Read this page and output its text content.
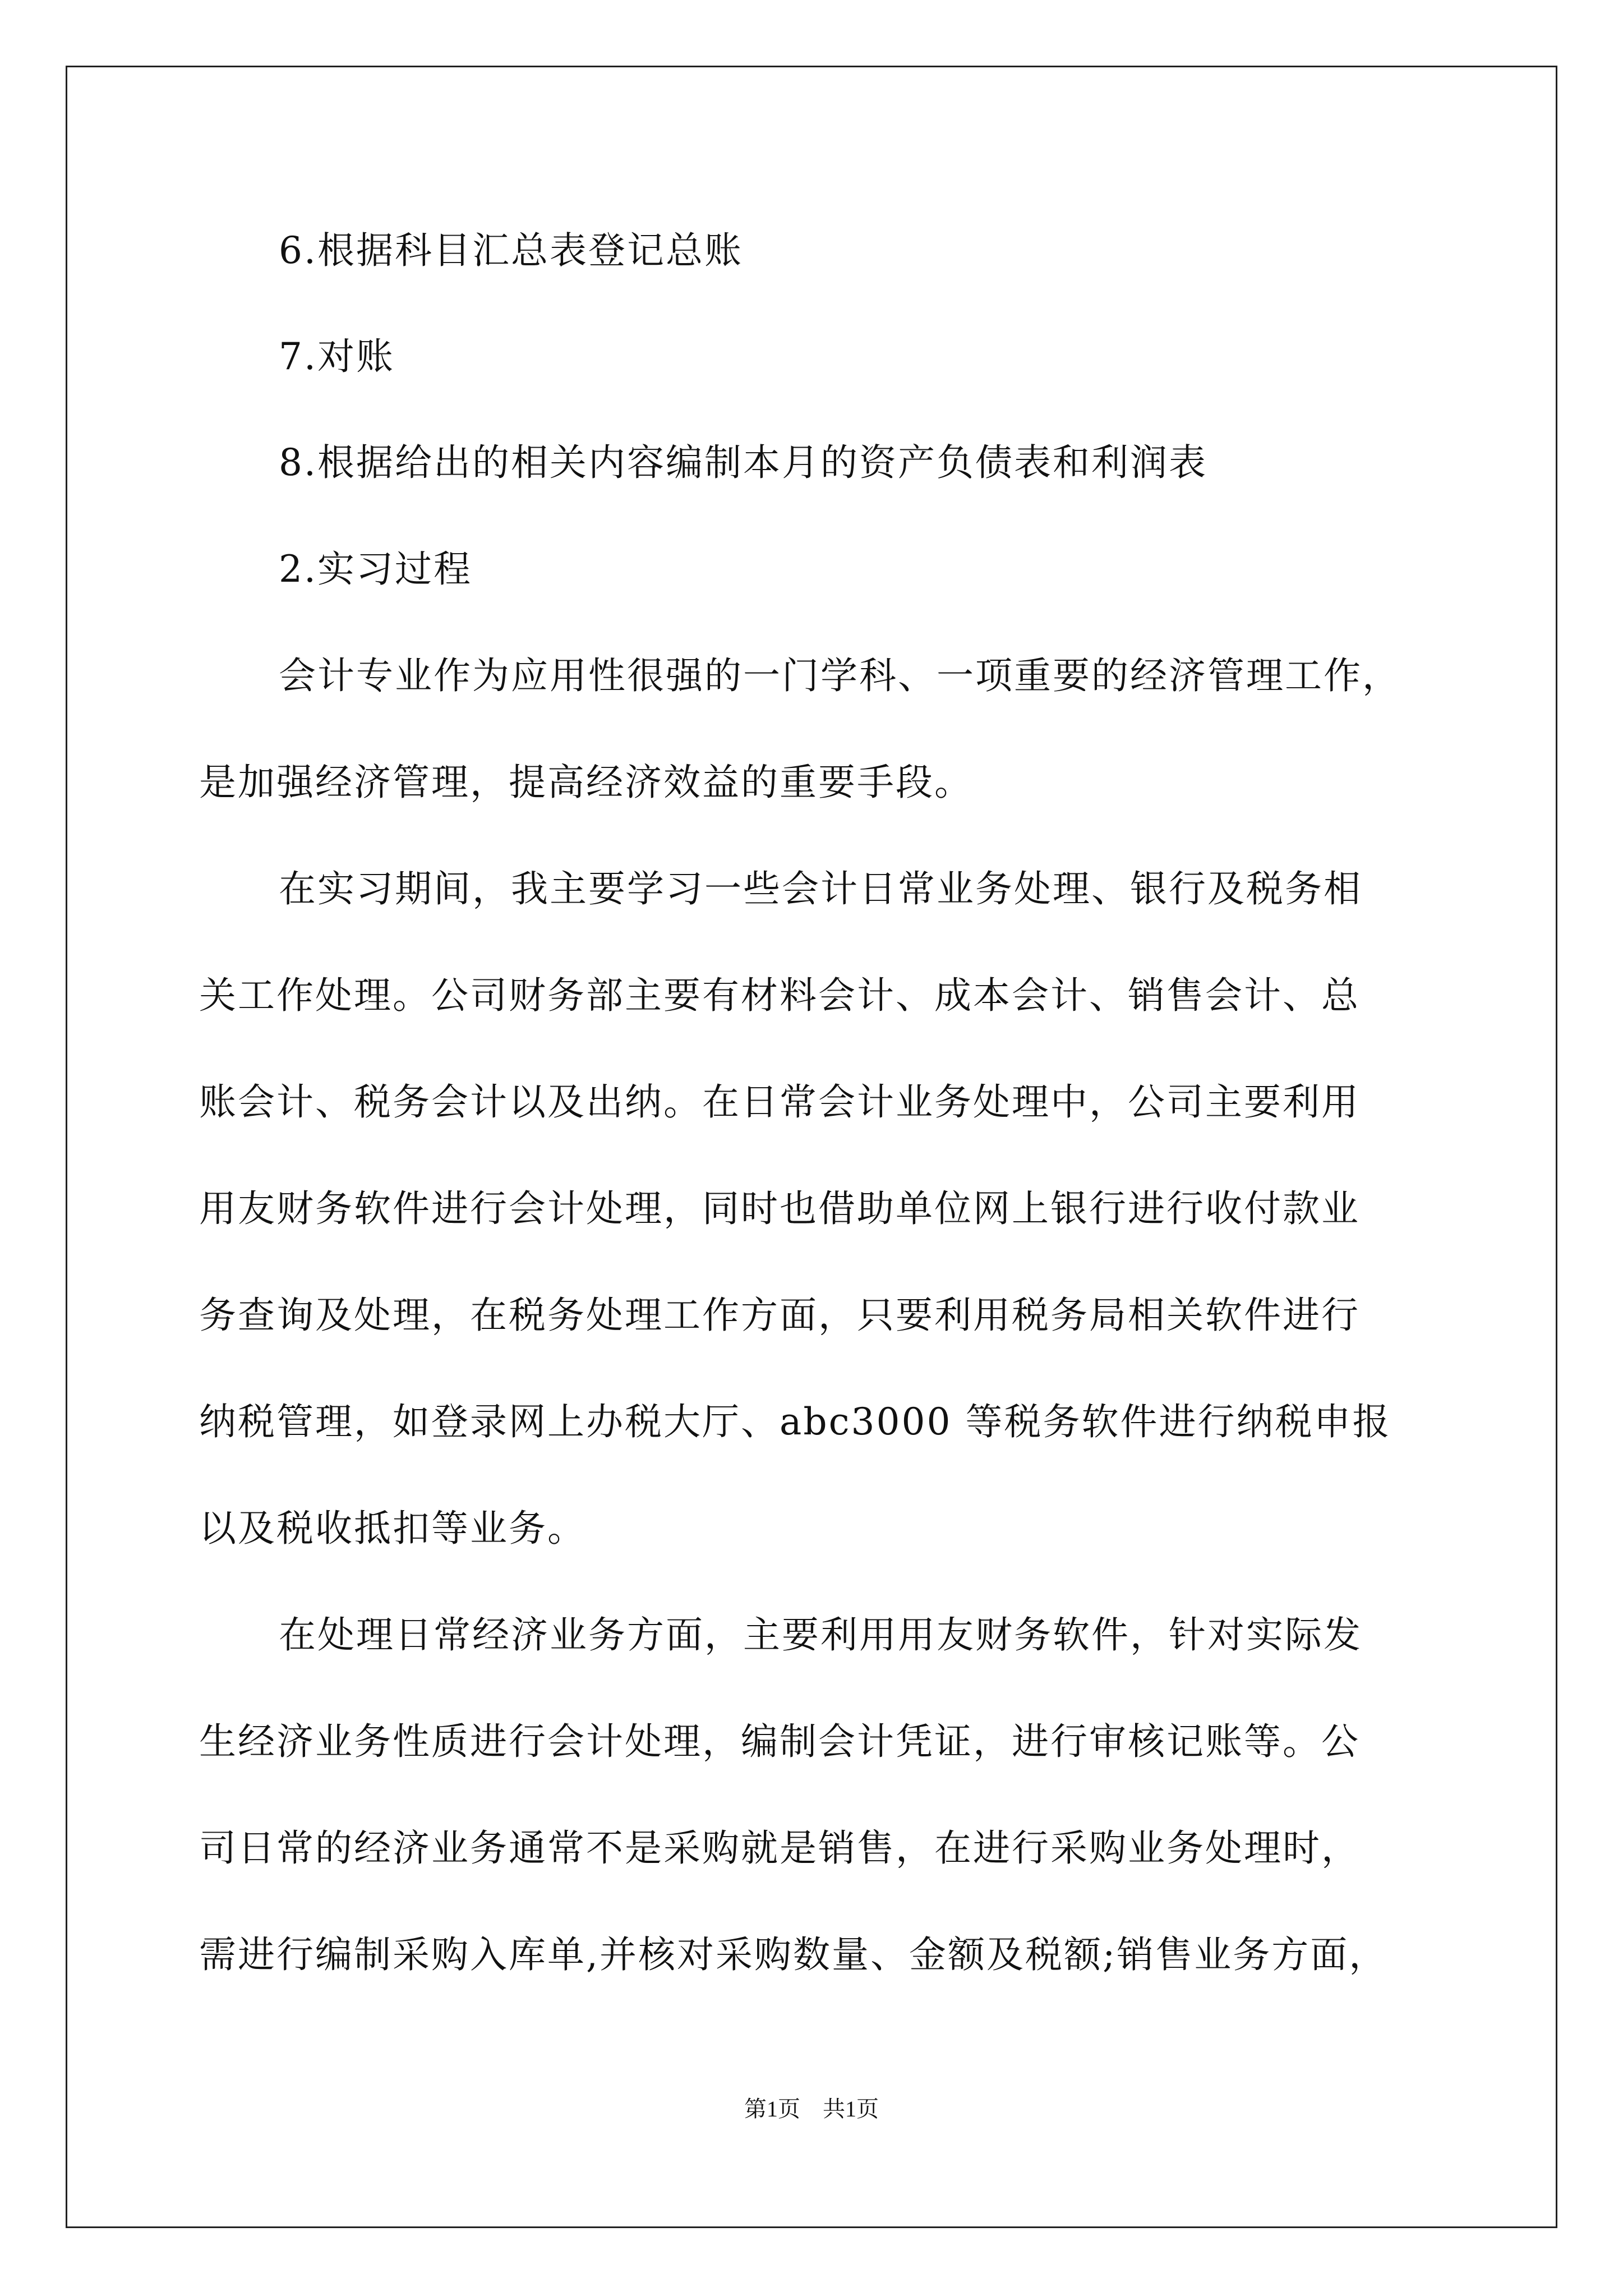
6.根据科目汇总表登记总账
7.对账
8.根据给出的相关内容编制本月的资产负债表和利润表
2.实习过程
会计专业作为应用性很强的一门学科、一项重要的经济管理工作，
是加强经济管理，提高经济效益的重要手段。
在实习期间，我主要学习一些会计日常业务处理、银行及税务相
关工作处理。公司财务部主要有材料会计、成本会计、销售会计、总
账会计、税务会计以及出纳。在日常会计业务处理中，公司主要利用
用友财务软件进行会计处理，同时也借助单位网上银行进行收付款业
务查询及处理，在税务处理工作方面，只要利用税务局相关软件进行
纳税管理，如登录网上办税大厅、abc3000 等税务软件进行纳税申报
以及税收抵扣等业务。
在处理日常经济业务方面，主要利用用友财务软件，针对实际发
生经济业务性质进行会计处理，编制会计凭证，进行审核记账等。公
司日常的经济业务通常不是采购就是销售，在进行采购业务处理时，
需进行编制采购入库单,并核对采购数量、金额及税额;销售业务方面，
第1页　共1页
